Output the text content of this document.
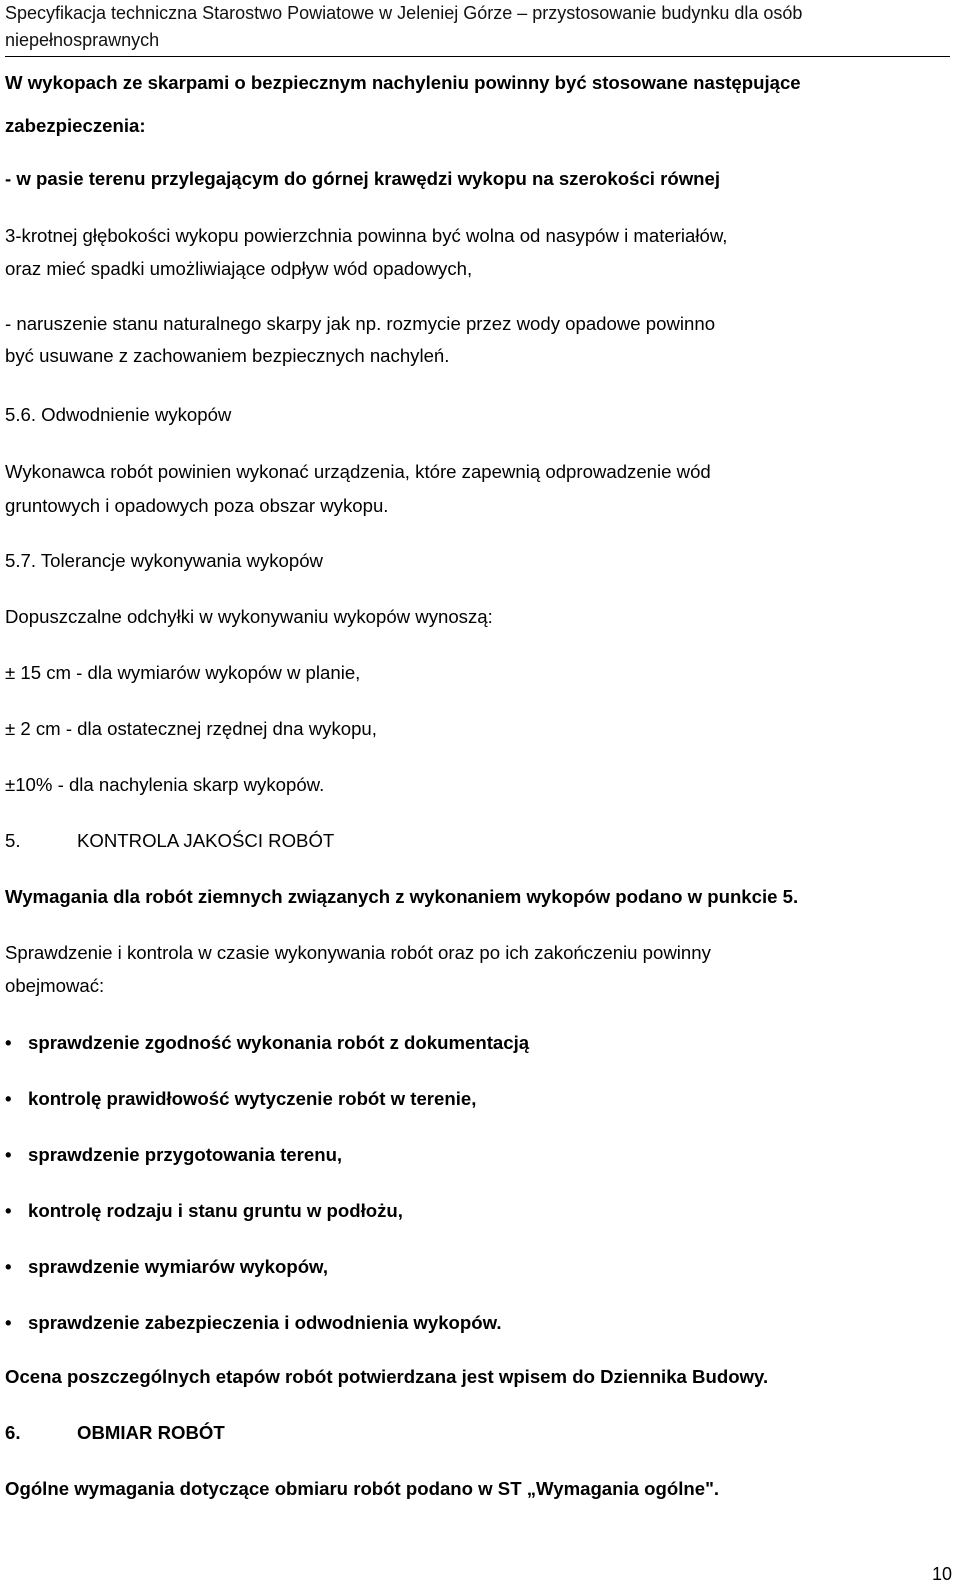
Specyfikacja techniczna Starostwo Powiatowe w Jeleniej Górze – przystosowanie budynku dla osób
niepełnosprawnych
W wykopach ze skarpami o bezpiecznym nachyleniu powinny być stosowane następujące
zabezpieczenia:
- w pasie terenu przylegającym do górnej krawędzi wykopu na szerokości równej
3-krotnej głębokości wykopu powierzchnia powinna być wolna od nasypów i materiałów,
oraz mieć spadki umożliwiające odpływ wód opadowych,
- naruszenie stanu naturalnego skarpy jak np. rozmycie przez wody opadowe powinno
być usuwane z zachowaniem bezpiecznych nachyleń.
5.6. Odwodnienie wykopów
Wykonawca robót powinien wykonać urządzenia, które zapewnią odprowadzenie wód
gruntowych i opadowych poza obszar wykopu.
5.7. Tolerancje wykonywania wykopów
Dopuszczalne odchyłki w wykonywaniu wykopów wynoszą:
± 15 cm - dla wymiarów wykopów w planie,
± 2 cm - dla ostatecznej rzędnej dna wykopu,
±10% - dla nachylenia skarp wykopów.
5.	KONTROLA JAKOŚCI ROBÓT
Wymagania dla robót ziemnych związanych z wykonaniem wykopów podano w punkcie 5.
Sprawdzenie i kontrola w czasie wykonywania robót oraz po ich zakończeniu powinny
obejmować:
• sprawdzenie zgodność wykonania robót z dokumentacją
• kontrolę prawidłowość wytyczenie robót w terenie,
• sprawdzenie przygotowania terenu,
• kontrolę rodzaju i stanu gruntu w podłożu,
• sprawdzenie wymiarów wykopów,
• sprawdzenie zabezpieczenia i odwodnienia wykopów.
Ocena poszczególnych etapów robót potwierdzana jest wpisem do Dziennika Budowy.
6.	OBMIAR ROBÓT
Ogólne wymagania dotyczące obmiaru robót podano w ST „Wymagania ogólne".
10
